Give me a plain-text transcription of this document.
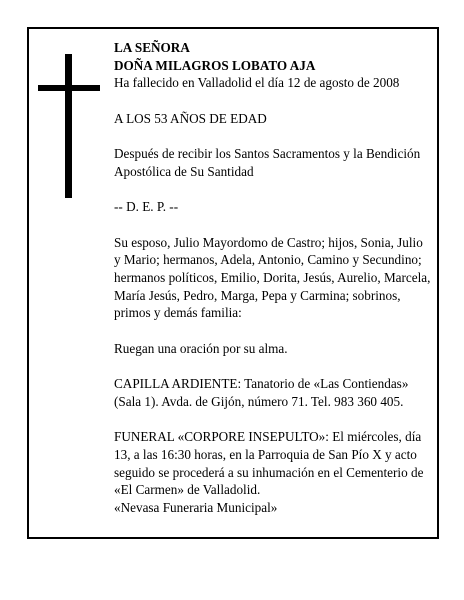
LA SEÑORA

DOÑA MILAGROS LOBATO AJA

Ha fallecido en Valladolid el día 12 de agosto de 2008

A LOS 53 AÑOS DE EDAD

Después de recibir los Santos Sacramentos y la Bendición Apostólica de Su Santidad

-- D. E. P. --

Su esposo, Julio Mayordomo de Castro; hijos, Sonia, Julio y Mario; hermanos, Adela, Antonio, Camino y Secundino; hermanos políticos, Emilio, Dorita, Jesús, Aurelio, Marcela, María Jesús, Pedro, Marga, Pepa y Carmina; sobrinos, primos y demás familia:

Ruegan una oración por su alma.

CAPILLA ARDIENTE: Tanatorio de «Las Contiendas» (Sala 1). Avda. de Gijón, número 71. Tel. 983 360 405.

FUNERAL «CORPORE INSEPULTO»: El miércoles, día 13, a las 16:30 horas, en la Parroquia de San Pío X y acto seguido se procederá a su inhumación en el Cementerio de «El Carmen» de Valladolid.

«Nevasa Funeraria Municipal»
